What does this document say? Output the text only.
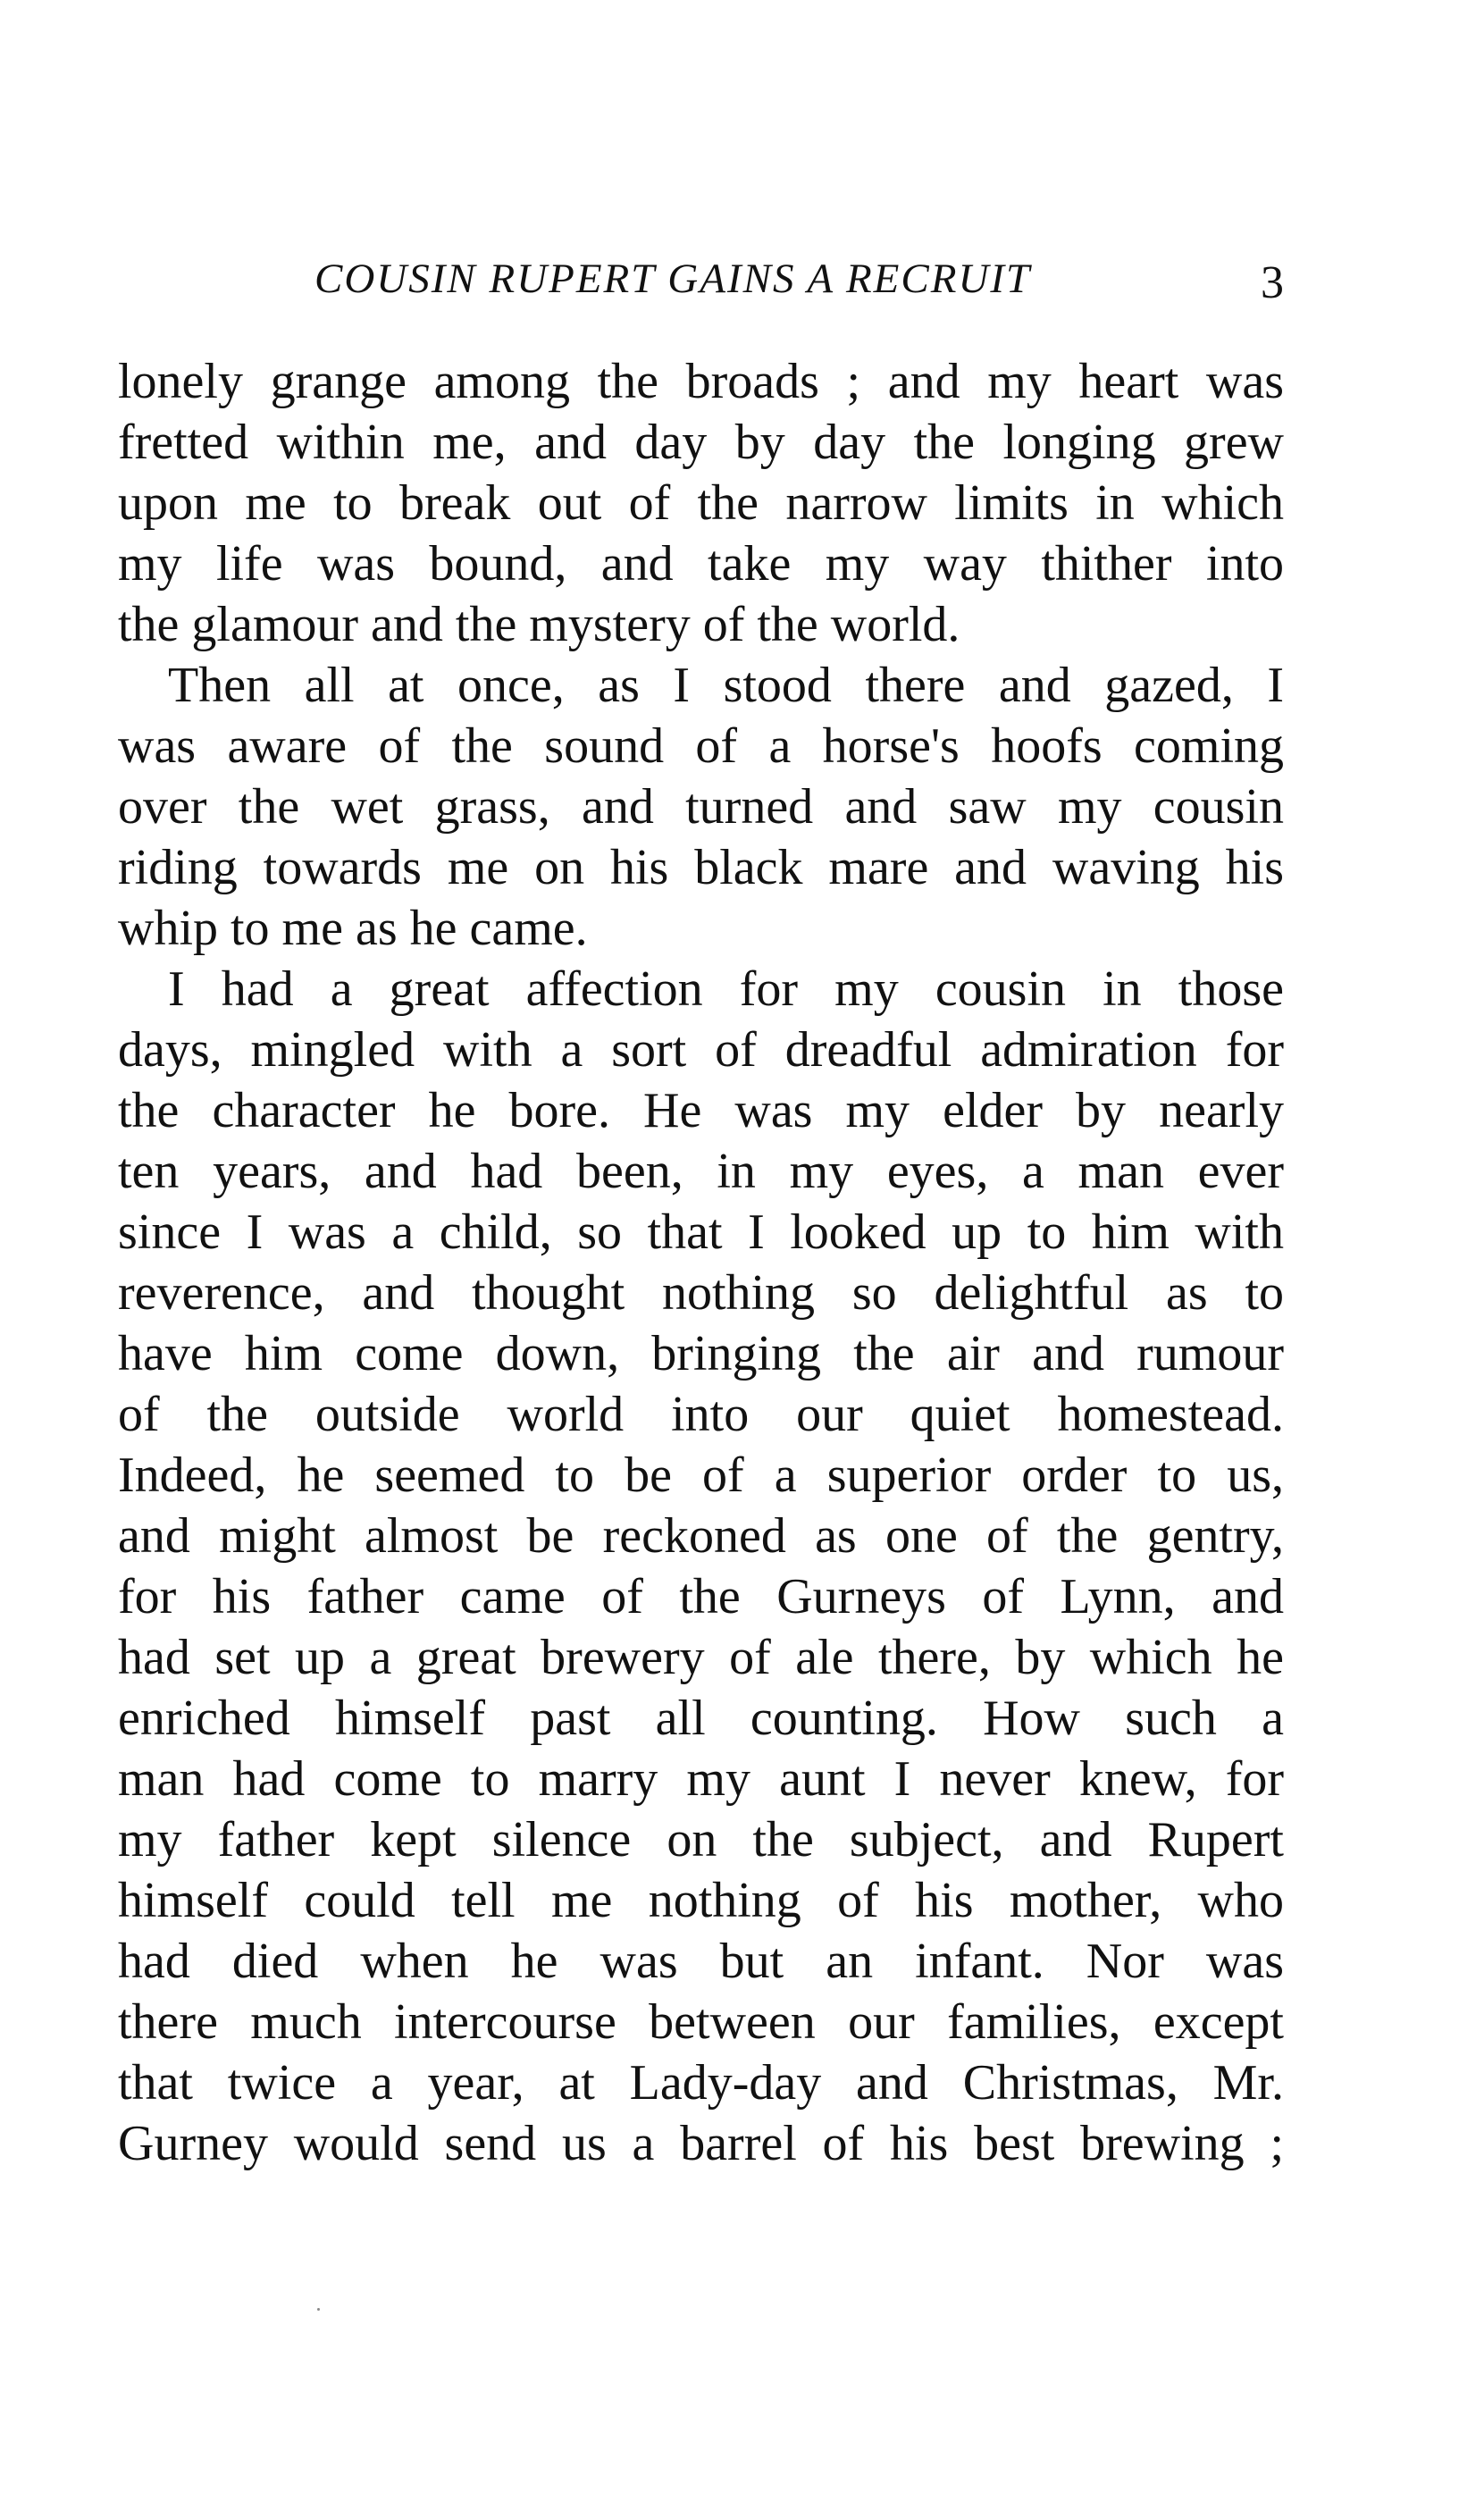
COUSIN RUPERT GAINS A RECRUIT	3
lonely grange among the broads ; and my heart was
fretted within me, and day by day the longing grew
upon me to break out of the narrow limits in which
my life was bound, and take my way thither into
the glamour and the mystery of the world.
Then all at once, as I stood there and gazed, I
was aware of the sound of a horse's hoofs coming
over the wet grass, and turned and saw my cousin
riding towards me on his black mare and waving his
whip to me as he came.
I had a great affection for my cousin in those
days, mingled with a sort of dreadful admiration for
the character he bore. He was my elder by nearly
ten years, and had been, in my eyes, a man ever
since I was a child, so that I looked up to him with
reverence, and thought nothing so delightful as to
have him come down, bringing the air and rumour
of the outside world into our quiet homestead.
Indeed, he seemed to be of a superior order to us,
and might almost be reckoned as one of the gentry,
for his father came of the Gurneys of Lynn, and
had set up a great brewery of ale there, by which he
enriched himself past all counting. How such a
man had come to marry my aunt I never knew, for
my father kept silence on the subject, and Rupert
himself could tell me nothing of his mother, who
had died when he was but an infant. Nor was
there much intercourse between our families, except
that twice a year, at Lady-day and Christmas, Mr.
Gurney would send us a barrel of his best brewing ;
